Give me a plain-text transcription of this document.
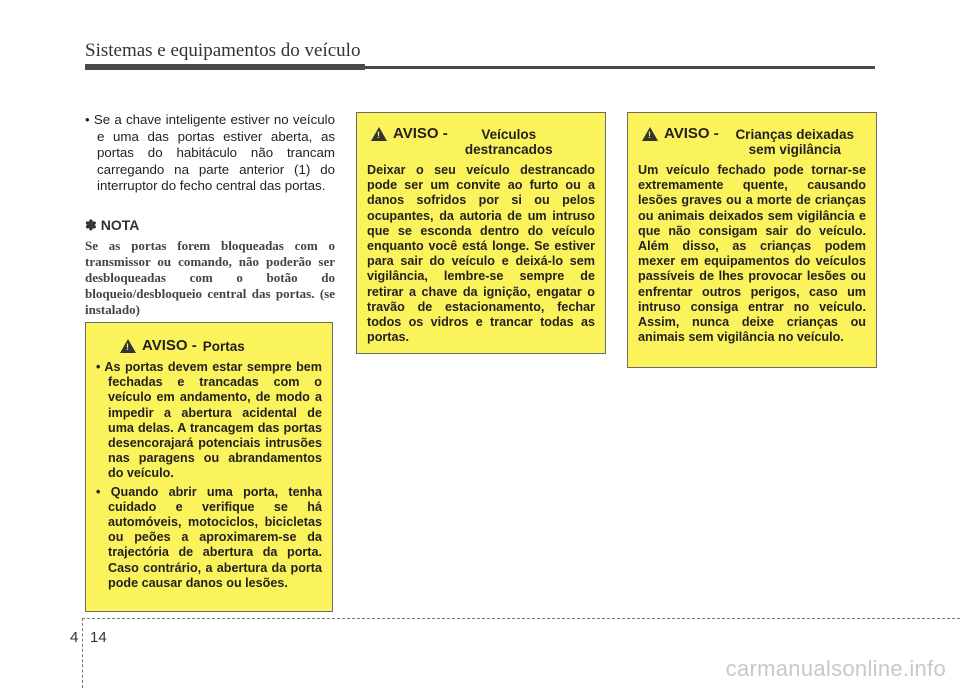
Sistemas e equipamentos do veículo

• Se a chave inteligente estiver no veículo e uma das portas estiver aberta, as portas do habitáculo não trancam carregando na parte anterior (1) do interruptor do fecho central das portas.

✽ NOTA
Se as portas forem bloqueadas com o transmissor ou comando, não poderão ser desbloqueadas com o botão do bloqueio/desbloqueio central das portas. (se instalado)
! AVISO - Portas
• As portas devem estar sempre bem fechadas e trancadas com o veículo em andamento, de modo a impedir a abertura acidental de uma delas. A trancagem das portas desencorajará potenciais intrusões nas paragens ou abrandamentos do veículo.
• Quando abrir uma porta, tenha cuidado e verifique se há automóveis, motociclos, bicicletas ou peões a aproximarem-se da trajectória de abertura da porta. Caso contrário, a abertura da porta pode causar danos ou lesões.
! AVISO -	Veículos destrancados
Deixar o seu veículo destrancado pode ser um convite ao furto ou a danos sofridos por si ou pelos ocupantes, da autoria de um intruso que se esconda dentro do veículo enquanto você está longe. Se estiver para sair do veículo e deixá-lo sem vigilância, lembre-se sempre de retirar a chave da ignição, engatar o travão de estacionamento, fechar todos os vidros e trancar todas as portas.
! AVISO -	Crianças deixadas sem vigilância
Um veículo fechado pode tornar-se extremamente quente, causando lesões graves ou a morte de crianças ou animais deixados sem vigilância e que não consigam sair do veículo. Além disso, as crianças podem mexer em equipamentos do veículos passíveis de lhes provocar lesões ou enfrentar outros perigos, caso um intruso consiga entrar no veículo. Assim, nunca deixe crianças ou animais sem vigilância no veículo.
4 14
carmanualsonline.info
